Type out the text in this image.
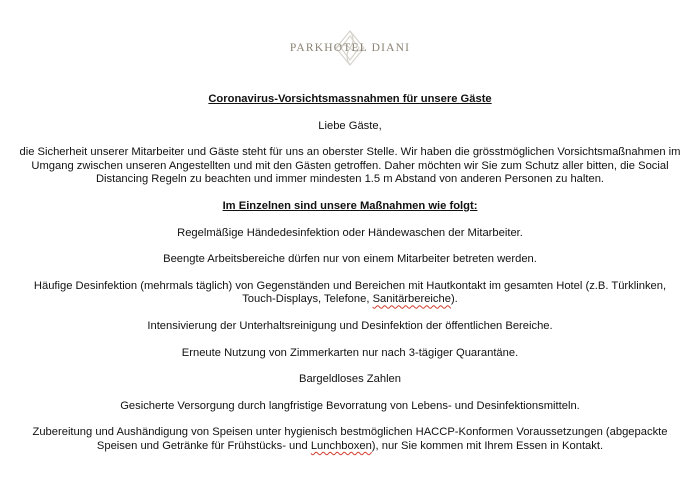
PARKHOTEL DIANI

Coronavirus-Vorsichtsmassnahmen für unsere Gäste

Liebe Gäste,

die Sicherheit unserer Mitarbeiter und Gäste steht für uns an oberster Stelle. Wir haben die grösstmöglichen Vorsichtsmaßnahmen im Umgang zwischen unseren Angestellten und mit den Gästen getroffen. Daher möchten wir Sie zum Schutz aller bitten, die Social Distancing Regeln zu beachten und immer mindesten 1.5 m Abstand von anderen Personen zu halten.

Im Einzelnen sind unsere Maßnahmen wie folgt:

Regelmäßige Händedesinfektion oder Händewaschen der Mitarbeiter.

Beengte Arbeitsbereiche dürfen nur von einem Mitarbeiter betreten werden.

Häufige Desinfektion (mehrmals täglich) von Gegenständen und Bereichen mit Hautkontakt im gesamten Hotel (z.B. Türklinken, Touch-Displays, Telefone, Sanitärbereiche).

Intensivierung der Unterhaltsreinigung und Desinfektion der öffentlichen Bereiche.

Erneute Nutzung von Zimmerkarten nur nach 3-tägiger Quarantäne.

Bargeldloses Zahlen

Gesicherte Versorgung durch langfristige Bevorratung von Lebens- und Desinfektionsmitteln.

Zubereitung und Aushändigung von Speisen unter hygienisch bestmöglichen HACCP-Konformen Voraussetzungen (abgepackte Speisen und Getränke für Frühstücks- und Lunchboxen), nur Sie kommen mit Ihrem Essen in Kontakt.
